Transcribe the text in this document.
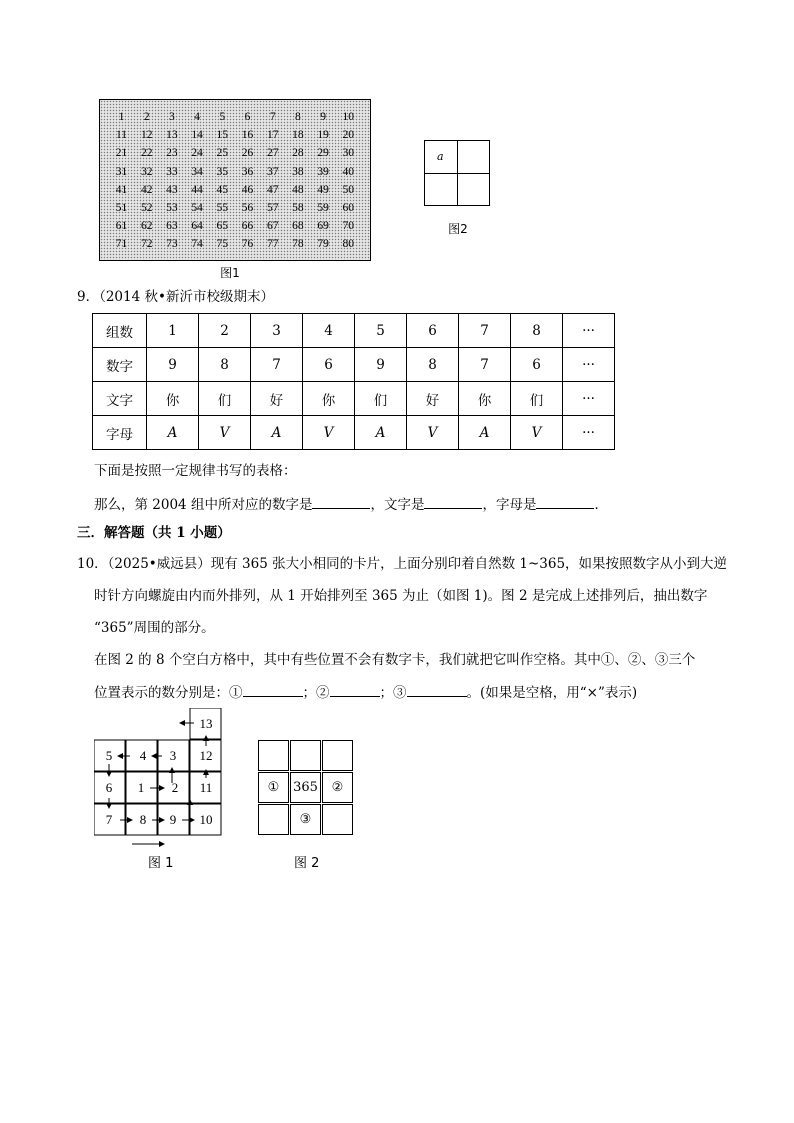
1	2	3	4	5	6	7	8	9	10
11	12	13	14	15	16	17	18	19	20
21	22	23	24	25	26	27	28	29	30
31	32	33	34	35	36	37	38	39	40
41	42	43	44	45	46	47	48	49	50
51	52	53	54	55	56	57	58	59	60
61	62	63	64	65	66	67	68	69	70
71	72	73	74	75	76	77	78	79	80
图1
a
图2
9．（2014 秋•新沂市校级期末）
组数	1	2	3	4	5	6	7	8	···
数字	9	8	7	6	9	8	7	6	···
文字	你	们	好	你	们	好	你	们	···
字母	A	V	A	V	A	V	A	V	···
下面是按照一定规律书写的表格：
那么，第 2004 组中所对应的数字是	，文字是	，字母是	．
三．解答题（共 1 小题）
10．（2025•威远县）现有 365 张大小相同的卡片，上面分别印着自然数 1~365，如果按照数字从小到大逆
时针方向螺旋由内而外排列，从 1 开始排列至 365 为止（如图 1)。图 2 是完成上述排列后，抽出数字
“365”周围的部分。
在图 2 的 8 个空白方格中，其中有些位置不会有数字卡，我们就把它叫作空格。其中①、②、③三个
位置表示的数分别是：①	；②	；③	。(如果是空格，用“×”表示)
13
5	4	3	12
6	1	2	11
7	8	9	10
图 1
①	365	②
③
图 2
